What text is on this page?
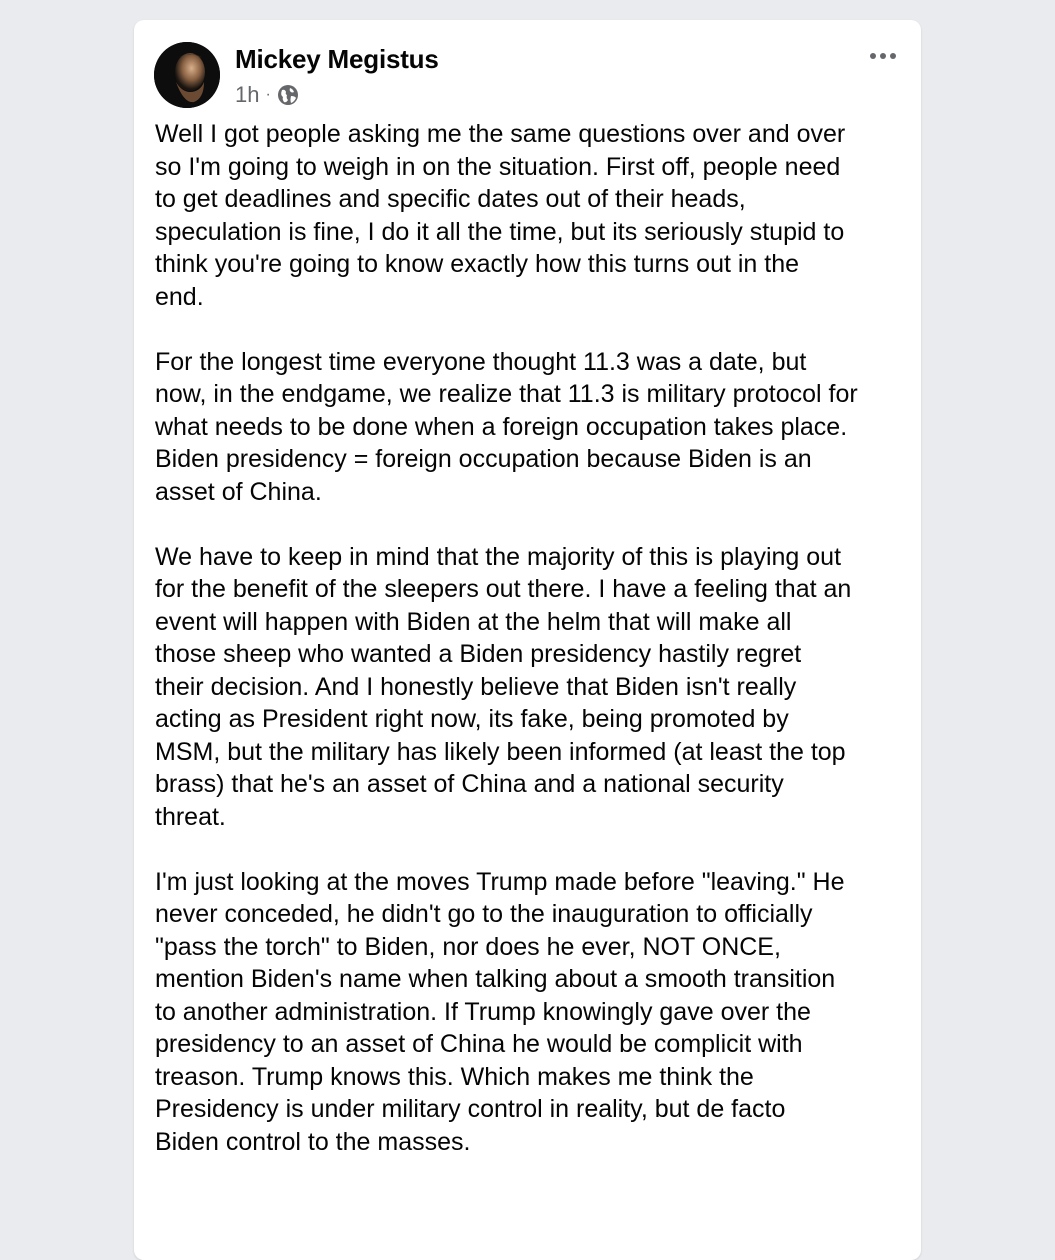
Mickey Megistus
1h ·

Well I got people asking me the same questions over and over
so I'm going to weigh in on the situation. First off, people need
to get deadlines and specific dates out of their heads,
speculation is fine, I do it all the time, but its seriously stupid to
think you're going to know exactly how this turns out in the
end.

For the longest time everyone thought 11.3 was a date, but
now, in the endgame, we realize that 11.3 is military protocol for
what needs to be done when a foreign occupation takes place.
Biden presidency = foreign occupation because Biden is an
asset of China.

We have to keep in mind that the majority of this is playing out
for the benefit of the sleepers out there. I have a feeling that an
event will happen with Biden at the helm that will make all
those sheep who wanted a Biden presidency hastily regret
their decision. And I honestly believe that Biden isn't really
acting as President right now, its fake, being promoted by
MSM, but the military has likely been informed (at least the top
brass) that he's an asset of China and a national security
threat.

I'm just looking at the moves Trump made before "leaving." He
never conceded, he didn't go to the inauguration to officially
"pass the torch" to Biden, nor does he ever, NOT ONCE,
mention Biden's name when talking about a smooth transition
to another administration. If Trump knowingly gave over the
presidency to an asset of China he would be complicit with
treason. Trump knows this. Which makes me think the
Presidency is under military control in reality, but de facto
Biden control to the masses.
